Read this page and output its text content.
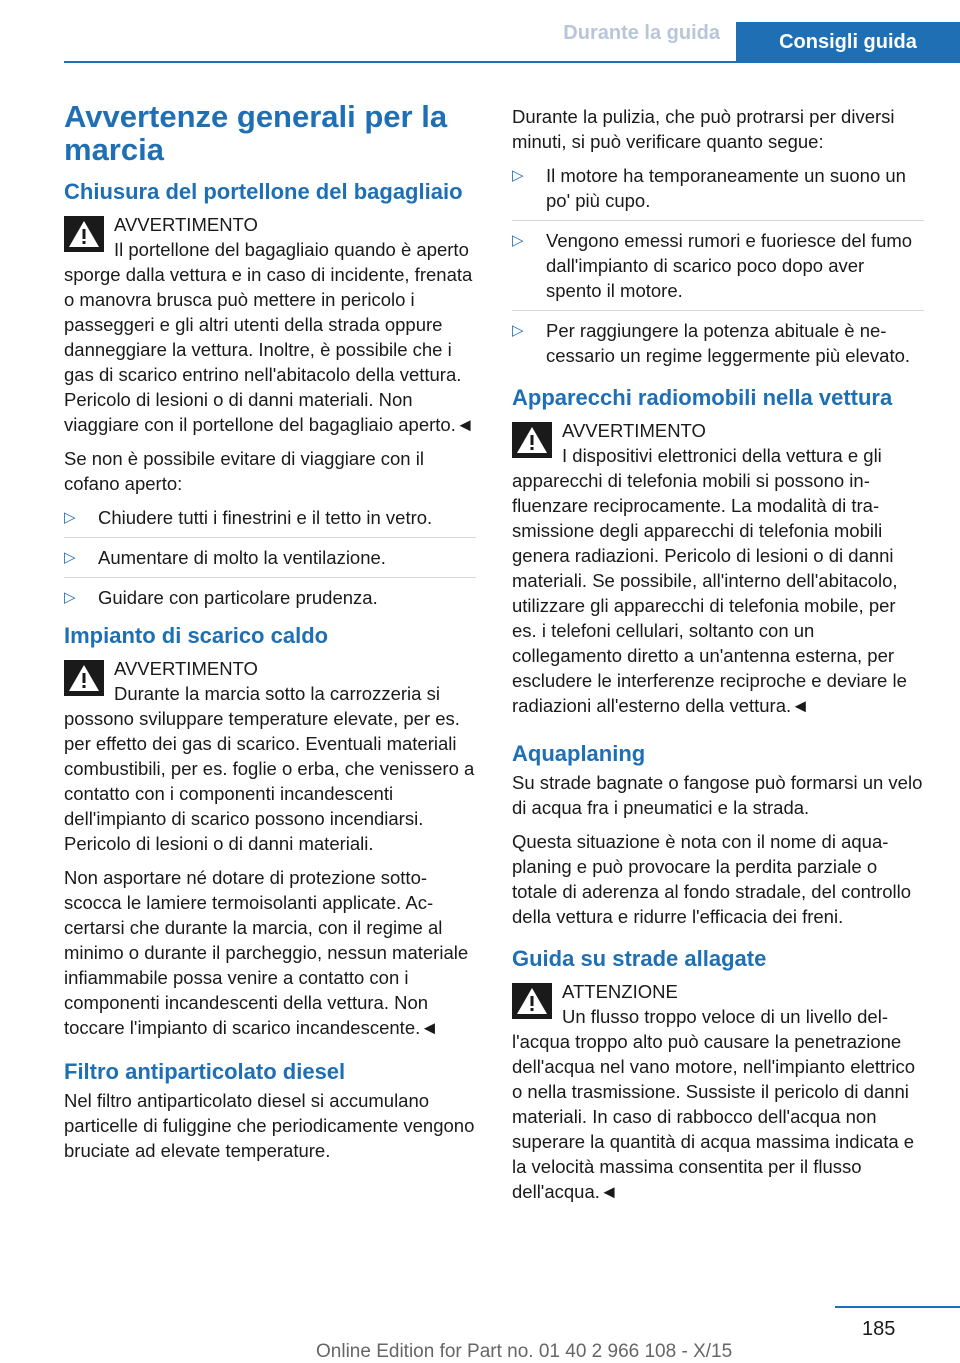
Durante la guida	Consigli guida
Avvertenze generali per la marcia
Chiusura del portellone del bagagliaio
AVVERTIMENTO
Il portellone del bagagliaio quando è aperto sporge dalla vettura e in caso di incidente, frenata o manovra brusca può mettere in pericolo i passeggeri e gli altri utenti della strada oppure danneggiare la vettura. Inoltre, è possibile che i gas di scarico entrino nell'abitacolo della vettura. Pericolo di lesioni o di danni materiali. Non viaggiare con il portellone del bagagliaio aperto.◄

Se non è possibile evitare di viaggiare con il cofano aperto:

▷ Chiudere tutti i finestrini e il tetto in vetro.
▷ Aumentare di molto la ventilazione.
▷ Guidare con particolare prudenza.
Impianto di scarico caldo
AVVERTIMENTO
Durante la marcia sotto la carrozzeria si possono sviluppare temperature elevate, per es. per effetto dei gas di scarico. Eventuali materiali combustibili, per es. foglie o erba, che venissero a contatto con i componenti incandescenti dell'impianto di scarico possono incendiarsi. Pericolo di lesioni o di danni materiali.

Non asportare né dotare di protezione sottoscocca le lamiere termoisolanti applicate. Accertarsi che durante la marcia, con il regime al minimo o durante il parcheggio, nessun materiale infiammabile possa venire a contatto con i componenti incandescenti della vettura. Non toccare l'impianto di scarico incandescente.◄

Filtro antiparticolato diesel

Nel filtro antiparticolato diesel si accumulano particelle di fuliggine che periodicamente vengono bruciate ad elevate temperature.

Durante la pulizia, che può protrarsi per diversi minuti, si può verificare quanto segue:

▷ Il motore ha temporaneamente un suono un po' più cupo.
▷ Vengono emessi rumori e fuoriesce del fumo dall'impianto di scarico poco dopo aver spento il motore.
▷ Per raggiungere la potenza abituale è necessario un regime leggermente più elevato.
Apparecchi radiomobili nella vettura
AVVERTIMENTO
I dispositivi elettronici della vettura e gli apparecchi di telefonia mobili si possono influenzare reciprocamente. La modalità di trasmissione degli apparecchi di telefonia mobili genera radiazioni. Pericolo di lesioni o di danni materiali. Se possibile, all'interno dell'abitacolo, utilizzare gli apparecchi di telefonia mobile, per es. i telefoni cellulari, soltanto con un collegamento diretto a un'antenna esterna, per escludere le interferenze reciproche e deviare le radiazioni all'esterno della vettura.◄
Aquaplaning

Su strade bagnate o fangose può formarsi un velo di acqua fra i pneumatici e la strada.

Questa situazione è nota con il nome di aquaplaning e può provocare la perdita parziale o totale di aderenza al fondo stradale, del controllo della vettura e ridurre l'efficacia dei freni.

Guida su strade allagate
ATTENZIONE
Un flusso troppo veloce di un livello dell'acqua troppo alto può causare la penetrazione dell'acqua nel vano motore, nell'impianto elettrico o nella trasmissione. Sussiste il pericolo di danni materiali. In caso di rabbocco dell'acqua non superare la quantità di acqua massima indicata e la velocità massima consentita per il flusso dell'acqua.◄
185
Online Edition for Part no. 01 40 2 966 108 - X/15
